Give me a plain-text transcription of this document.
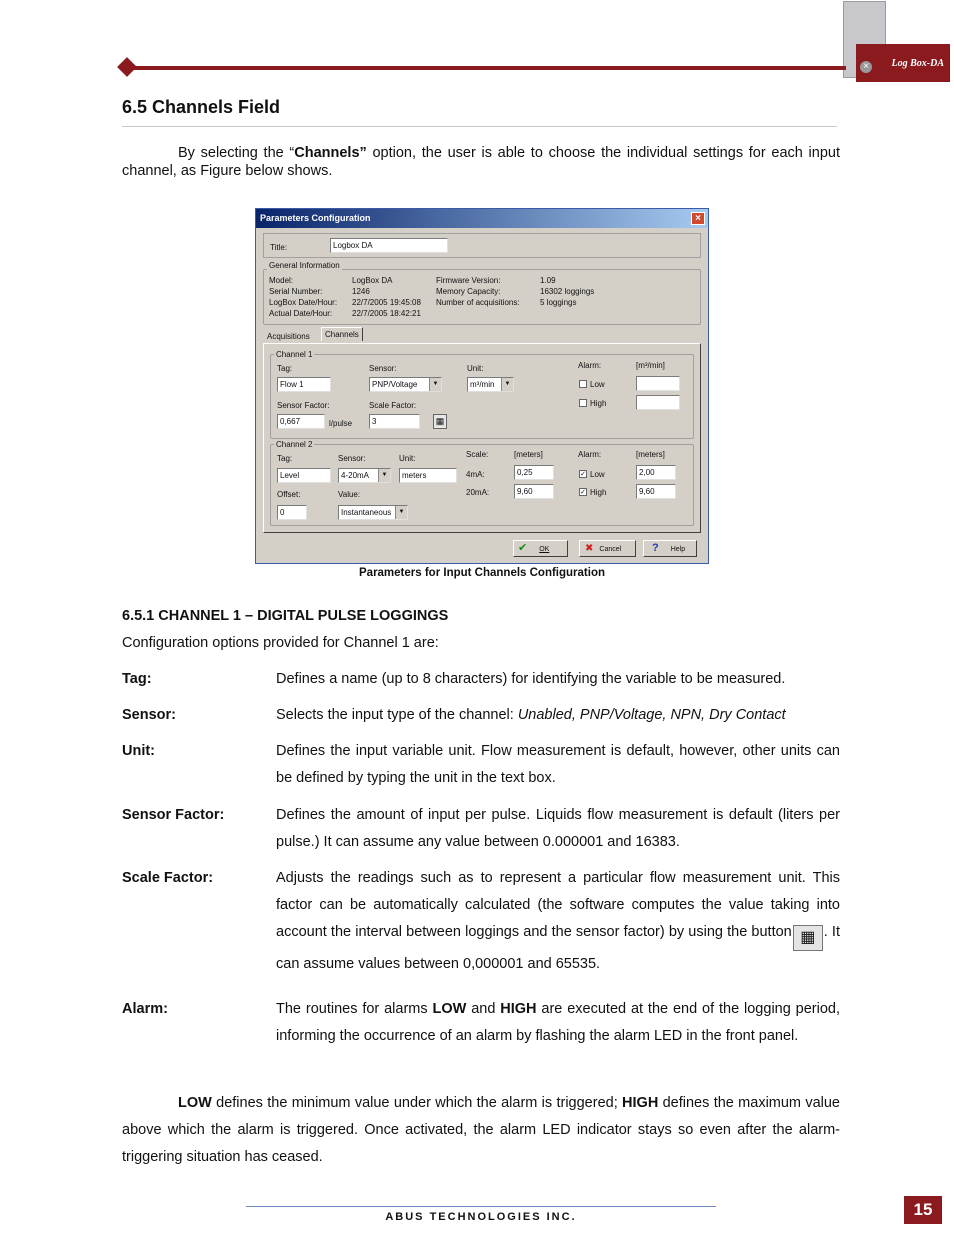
Log Box-DA
×
6.5 Channels Field
By selecting the “Channels” option, the user is able to choose the individual settings for each input channel, as Figure below shows.
Parameters Configuration	×
Title:	Logbox DA
General Information
Model:	LogBox DA
Serial Number:	1246
LogBox Date/Hour: 22/7/2005 19:45:08
Actual Date/Hour: 22/7/2005 18:42:21
Firmware Version:	1.09
Memory Capacity:	16302 loggings
Number of acquisitions:	5 loggings
Acquisitions	Channels
Channel 1
Tag:
Flow 1
Sensor:
PNP/Voltage	▼
Unit:
m³/min	▼
Alarm:	[m³/min]
Low
High
Sensor Factor:
0,667	l/pulse
Scale Factor:
3	▦
Channel 2
Tag:
Level
Sensor:
4-20mA	▼
Unit:
meters
Scale:	[meters]
4mA:	0,25
20mA:	9,60
Alarm:	[meters]
✓ Low	2,00
✓ High	9,60
Offset:
0
Value:
Instantaneous	▼
✔ OK	✖ Cancel	? Help
Parameters for Input Channels Configuration
6.5.1 CHANNEL 1 – DIGITAL PULSE LOGGINGS
Configuration options provided for Channel 1 are:
Tag:	Defines a name (up to 8 characters) for identifying the variable to be measured.
Sensor:	Selects the input type of the channel: Unabled, PNP/Voltage, NPN, Dry Contact
Unit:	Defines the input variable unit. Flow measurement is default, however, other units can be defined by typing the unit in the text box.
Sensor Factor:	Defines the amount of input per pulse. Liquids flow measurement is default (liters per pulse.) It can assume any value between 0.000001 and 16383.
Scale Factor:	Adjusts the readings such as to represent a particular flow measurement unit. This factor can be automatically calculated (the software computes the value taking into account the interval between loggings and the sensor factor) by using the button ▦ . It can assume values between 0,000001 and 65535.
Alarm:	The routines for alarms LOW and HIGH are executed at the end of the logging period, informing the occurrence of an alarm by flashing the alarm LED in the front panel.
LOW defines the minimum value under which the alarm is triggered; HIGH defines the maximum value above which the alarm is triggered. Once activated, the alarm LED indicator stays so even after the alarm-triggering situation has ceased.
ABUS TECHNOLOGIES INC.	15
